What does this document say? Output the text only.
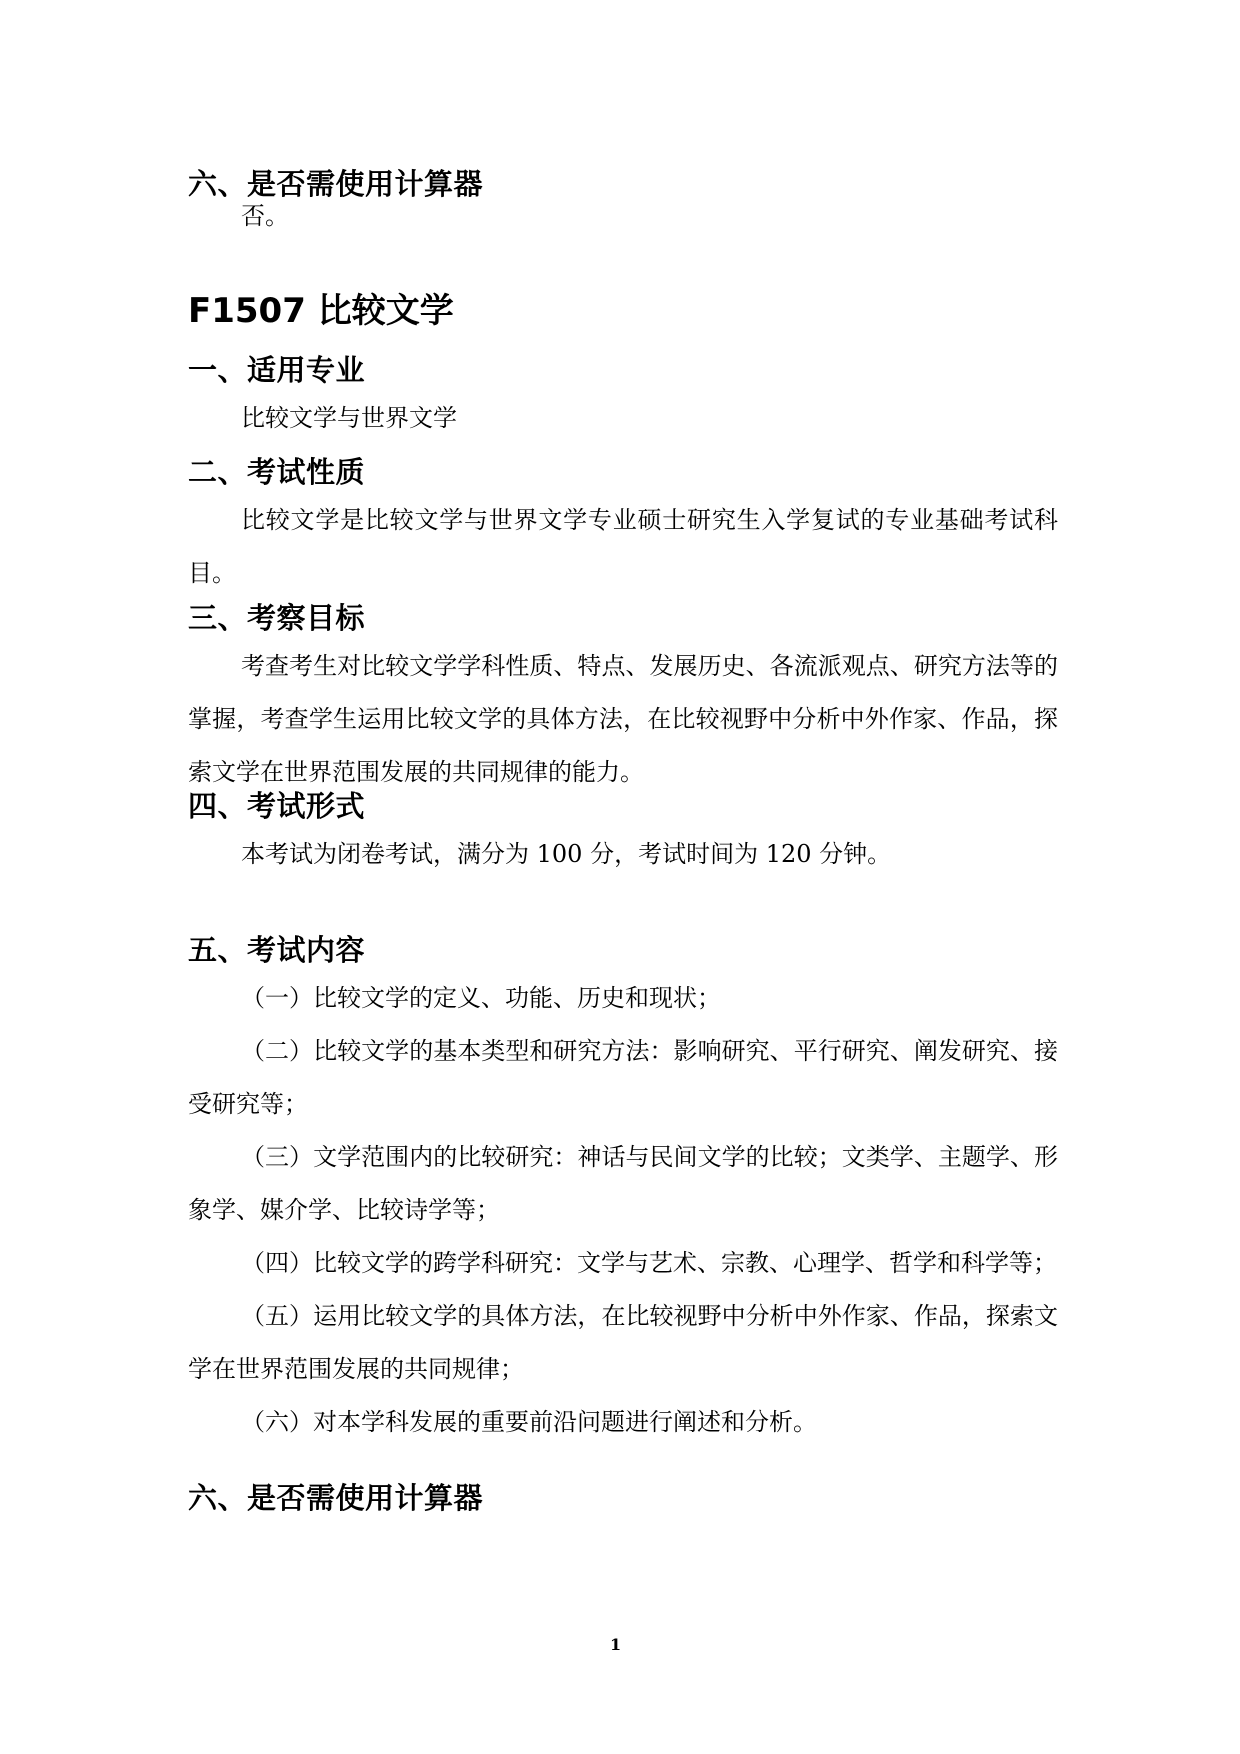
六、是否需使用计算器
否。
F1507 比较文学
一、适用专业
比较文学与世界文学
二、考试性质
比较文学是比较文学与世界文学专业硕士研究生入学复试的专业基础考试科目。
三、考察目标
考查考生对比较文学学科性质、特点、发展历史、各流派观点、研究方法等的掌握，考查学生运用比较文学的具体方法，在比较视野中分析中外作家、作品，探索文学在世界范围发展的共同规律的能力。
四、考试形式
本考试为闭卷考试，满分为 100 分，考试时间为 120 分钟。
五、考试内容
（一）比较文学的定义、功能、历史和现状；
（二）比较文学的基本类型和研究方法：影响研究、平行研究、阐发研究、接受研究等；
（三）文学范围内的比较研究：神话与民间文学的比较；文类学、主题学、形象学、媒介学、比较诗学等；
（四）比较文学的跨学科研究：文学与艺术、宗教、心理学、哲学和科学等；
（五）运用比较文学的具体方法，在比较视野中分析中外作家、作品，探索文学在世界范围发展的共同规律；
（六）对本学科发展的重要前沿问题进行阐述和分析。
六、是否需使用计算器
1
